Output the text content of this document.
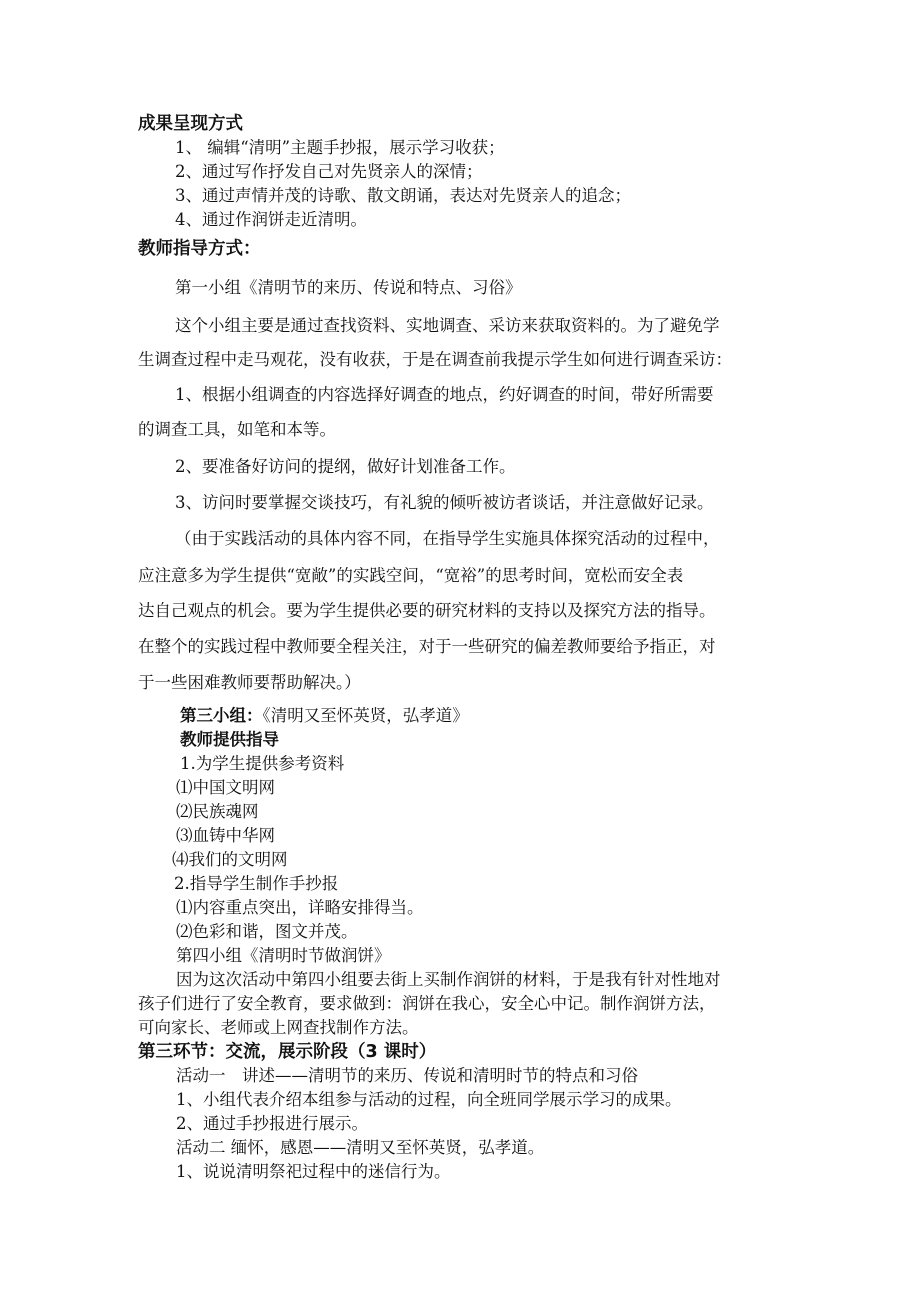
成果呈现方式
1、 编辑“清明”主题手抄报，展示学习收获；
2、通过写作抒发自己对先贤亲人的深情；
3、通过声情并茂的诗歌、散文朗诵，表达对先贤亲人的追念；
4、通过作润饼走近清明。
教师指导方式：
第一小组《清明节的来历、传说和特点、习俗》
这个小组主要是通过查找资料、实地调查、采访来获取资料的。为了避免学
生调查过程中走马观花，没有收获，于是在调查前我提示学生如何进行调查采访：
1、根据小组调查的内容选择好调查的地点，约好调查的时间，带好所需要
的调查工具，如笔和本等。
2、要准备好访问的提纲，做好计划准备工作。
3、访问时要掌握交谈技巧，有礼貌的倾听被访者谈话，并注意做好记录。
（由于实践活动的具体内容不同，在指导学生实施具体探究活动的过程中，
应注意多为学生提供“宽敞”的实践空间，“宽裕”的思考时间，宽松而安全表
达自己观点的机会。要为学生提供必要的研究材料的支持以及探究方法的指导。
在整个的实践过程中教师要全程关注，对于一些研究的偏差教师要给予指正，对
于一些困难教师要帮助解决。）
第三小组：《清明又至怀英贤，弘孝道》
教师提供指导
1.为学生提供参考资料
⑴中国文明网
⑵民族魂网
⑶血铸中华网
⑷我们的文明网
2.指导学生制作手抄报
⑴内容重点突出，详略安排得当。
⑵色彩和谐，图文并茂。
第四小组《清明时节做润饼》
因为这次活动中第四小组要去街上买制作润饼的材料，于是我有针对性地对
孩子们进行了安全教育，要求做到：润饼在我心，安全心中记。制作润饼方法，
可向家长、老师或上网查找制作方法。
第三环节：交流，展示阶段（3 课时）
活动一　讲述——清明节的来历、传说和清明时节的特点和习俗
1、小组代表介绍本组参与活动的过程，向全班同学展示学习的成果。
2、通过手抄报进行展示。
活动二 缅怀，感恩——清明又至怀英贤，弘孝道。
1、说说清明祭祀过程中的迷信行为。
